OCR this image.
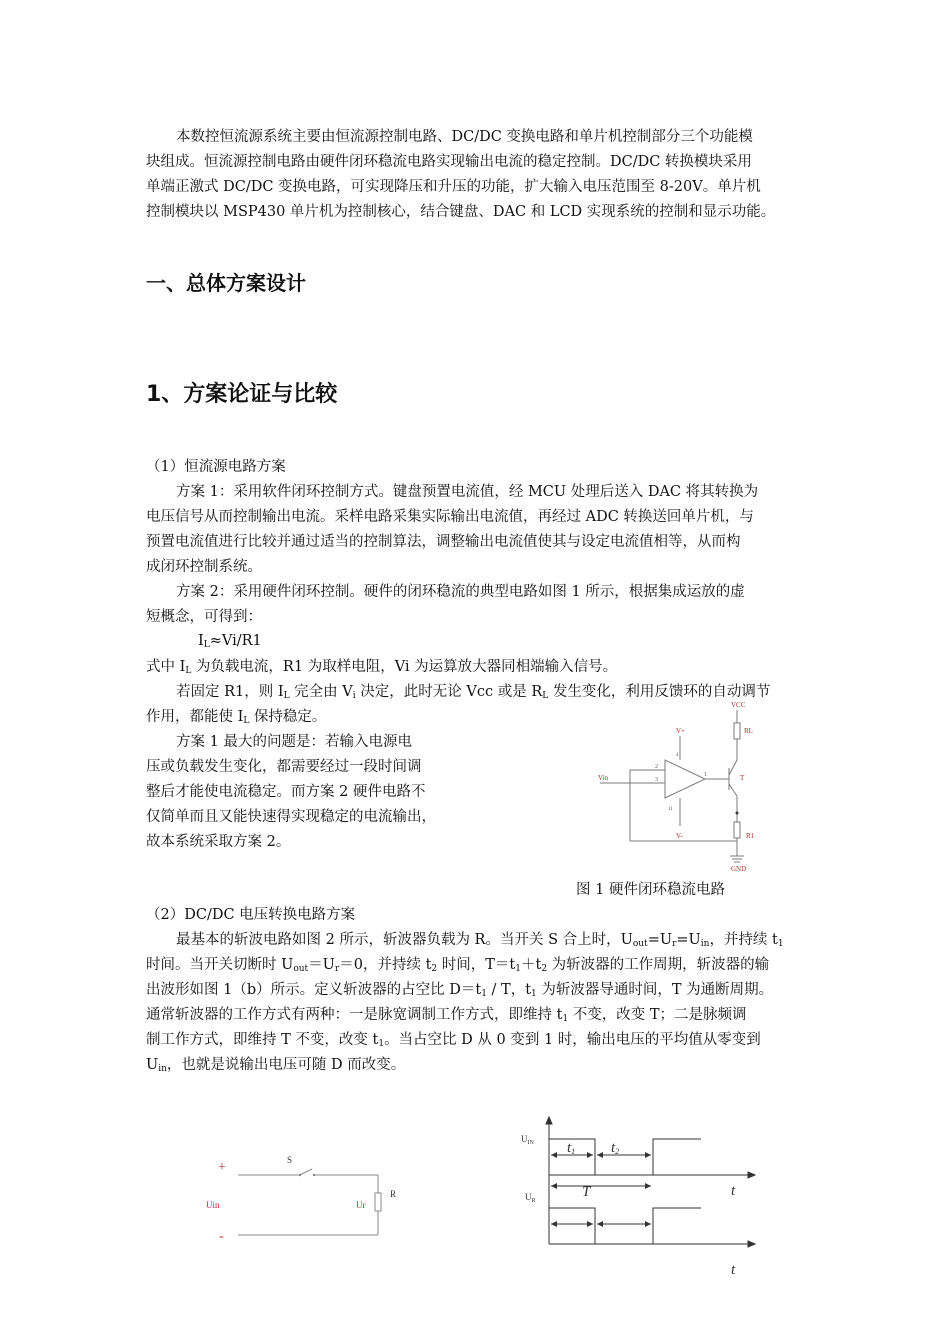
本数控恒流源系统主要由恒流源控制电路、DC/DC 变换电路和单片机控制部分三个功能模
块组成。恒流源控制电路由硬件闭环稳流电路实现输出电流的稳定控制。DC/DC 转换模块采用
单端正激式 DC/DC 变换电路，可实现降压和升压的功能，扩大输入电压范围至 8-20V。单片机
控制模块以 MSP430 单片机为控制核心，结合键盘、DAC 和 LCD 实现系统的控制和显示功能。
一、总体方案设计
1、方案论证与比较
（1）恒流源电路方案
方案 1：采用软件闭环控制方式。键盘预置电流值，经 MCU 处理后送入 DAC 将其转换为
电压信号从而控制输出电流。采样电路采集实际输出电流值，再经过 ADC 转换送回单片机，与
预置电流值进行比较并通过适当的控制算法，调整输出电流值使其与设定电流值相等，从而构
成闭环控制系统。
方案 2：采用硬件闭环控制。硬件的闭环稳流的典型电路如图 1 所示，根据集成运放的虚
短概念，可得到：
$I_L\approx Vi/R1$
式中 $I_L$ 为负载电流，R1 为取样电阻，Vi 为运算放大器同相端输入信号。
若固定 R1，则 $I_L$ 完全由 $V_i$ 决定，此时无论 Vcc 或是 $R_L$ 发生变化，利用反馈环的自动调节
作用，都能使 $I_L$ 保持稳定。
方案 1 最大的问题是：若输入电源电
压或负载发生变化，都需要经过一段时间调
整后才能使电流稳定。而方案 2 硬件电路不
仅简单而且又能快速得实现稳定的电流输出，
故本系统采取方案 2。
VCC
RL
V+
T
Vin
V-	R1
GND
2
3
1
4
11
图 1 硬件闭环稳流电路
（2）DC/DC 电压转换电路方案
最基本的斩波电路如图 2 所示，斩波器负载为 R。当开关 S 合上时，$U_{out}=U_r=U_{in}$，并持续 $t_1$
时间。当开关切断时 $U_{out}=U_r=0$，并持续 $t_2$ 时间，$T=t_1+t_2$ 为斩波器的工作周期，斩波器的输
出波形如图 1（b）所示。定义斩波器的占空比 $D=t_1 / T$，$t_1$ 为斩波器导通时间，T 为通断周期。
通常斩波器的工作方式有两种：一是脉宽调制工作方式，即维持 $t_1$ 不变，改变 T；二是脉频调
制工作方式，即维持 T 不变，改变 $t_1$。当占空比 D 从 0 变到 1 时，输出电压的平均值从零变到
$U_{in}$，也就是说输出电压可随 D 而改变。
+
-
S
Uin	Ur
R
$U_{IN}$
$U_R$
t1 t2
T	t
t
